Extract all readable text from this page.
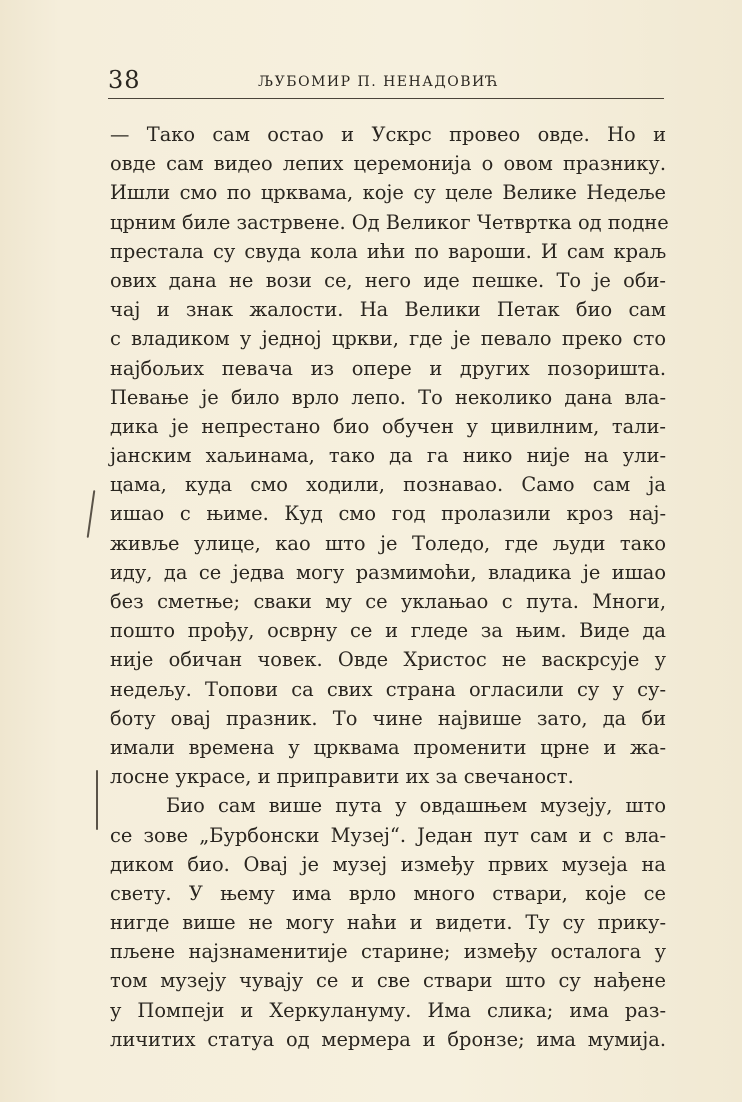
38	ЉУБОМИР П. НЕНАДОВИЋ
— Тако сам остао и Ускрс провео овде. Но и
овде сам видео лепих церемонија о овом празнику.
Ишли смо по црквама, које су целе Велике Недеље
црним биле застрвене. Од Великог Четвртка од подне
престала су свуда кола ићи по вароши. И сам краљ
ових дана не вози се, него иде пешке. То је оби-
чај и знак жалости. На Велики Петак био сам
с владиком у једној цркви, где је певало преко сто
најбољих певача из опере и других позоришта.
Певање је било врло лепо. То неколико дана вла-
дика је непрестано био обучен у цивилним, тали-
јанским хаљинама, тако да га нико није на ули-
цама, куда смо ходили, познавао. Само сам ја
ишао с њиме. Куд смо год пролазили кроз нај-
живље улице, као што је Толедо, где људи тако
иду, да се једва могу размимоћи, владика је ишао
без сметње; сваки му се уклањао с пута. Многи,
пошто прођу, осврну се и гледе за њим. Виде да
није обичан човек. Овде Христос не васкрсује у
недељу. Топови са свих страна огласили су у су-
боту овај празник. То чине највише зато, да би
имали времена у црквама променити црне и жа-
лосне украсе, и приправити их за свечаност.
Био сам више пута у овдашњем музеју, што
се зове „Бурбонски Музеј“. Један пут сам и с вла-
диком био. Овај је музеј између првих музеја на
свету. У њему има врло много ствари, које се
нигде више не могу наћи и видети. Ту су прику-
пљене најзнаменитије старине; између осталога у
том музеју чувају се и све ствари што су нађене
у Помпеји и Херкулануму. Има слика; има раз-
личитих статуа од мермера и бронзе; има мумија.
